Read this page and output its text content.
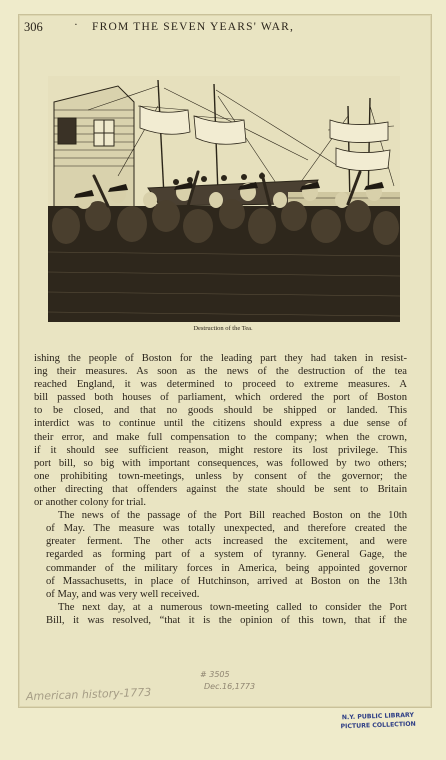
306	· FROM THE SEVEN YEARS' WAR,
Destruction of the Tea.

ishing the people of Boston for the leading part they had taken in resist-
ing their measures. As soon as the news of the destruction of the tea
reached England, it was determined to proceed to extreme measures. A
bill passed both houses of parliament, which ordered the port of Boston
to be closed, and that no goods should be shipped or landed. This
interdict was to continue until the citizens should express a due sense of
their error, and make full compensation to the company; when the crown,
if it should see sufficient reason, might restore its lost privilege. This
port bill, so big with important consequences, was followed by two others;
one prohibiting town-meetings, unless by consent of the governor; the
other directing that offenders against the state should be sent to Britain
or another colony for trial.

The news of the passage of the Port Bill reached Boston on the 10th
of May. The measure was totally unexpected, and therefore created the
greater ferment. The other acts increased the excitement, and were
regarded as forming part of a system of tyranny. General Gage, the
commander of the military forces in America, being appointed governor
of Massachusetts, in place of Hutchinson, arrived at Boston on the 13th
of May, and was very well received.

The next day, at a numerous town-meeting called to consider the Port
Bill, it was resolved, “that it is the opinion of this town, that if the

American history-1773
# 3505
Dec.16,1773
N.Y. PUBLIC LIBRARY
PICTURE COLLECTION
